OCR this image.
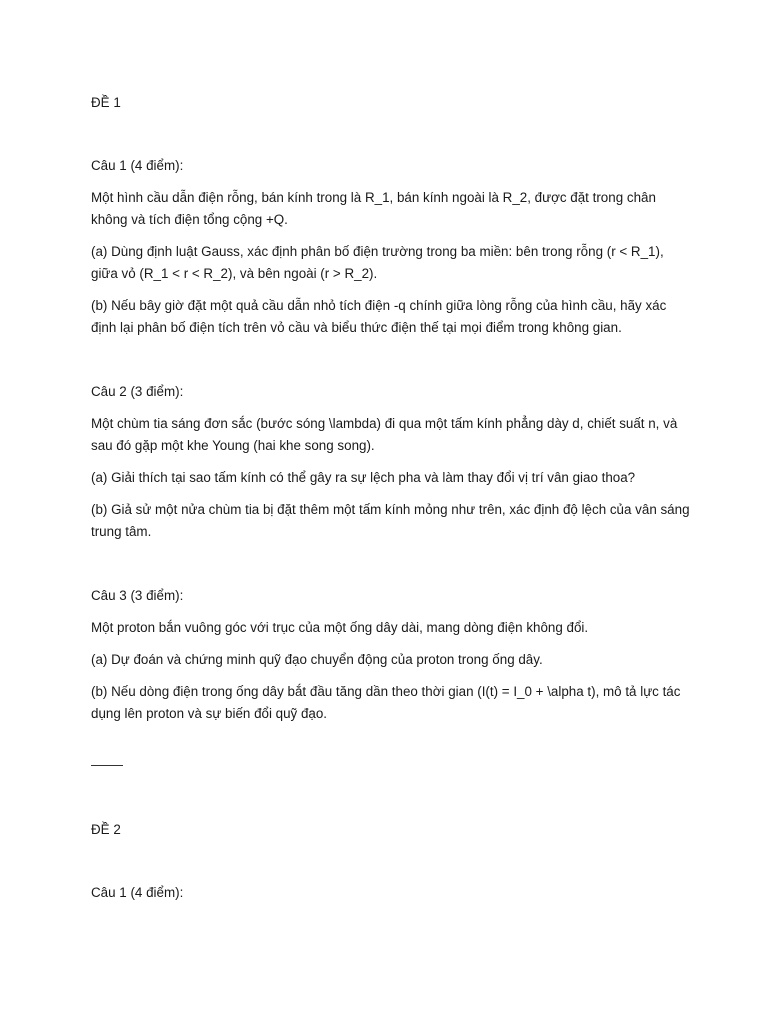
ĐỀ 1

Câu 1 (4 điểm):

Một hình cầu dẫn điện rỗng, bán kính trong là R_1, bán kính ngoài là R_2, được đặt trong chân không và tích điện tổng cộng +Q.

(a) Dùng định luật Gauss, xác định phân bố điện trường trong ba miền: bên trong rỗng (r < R_1), giữa vỏ (R_1 < r < R_2), và bên ngoài (r > R_2).

(b) Nếu bây giờ đặt một quả cầu dẫn nhỏ tích điện -q chính giữa lòng rỗng của hình cầu, hãy xác định lại phân bố điện tích trên vỏ cầu và biểu thức điện thế tại mọi điểm trong không gian.

Câu 2 (3 điểm):

Một chùm tia sáng đơn sắc (bước sóng \lambda) đi qua một tấm kính phẳng dày d, chiết suất n, và sau đó gặp một khe Young (hai khe song song).

(a) Giải thích tại sao tấm kính có thể gây ra sự lệch pha và làm thay đổi vị trí vân giao thoa?

(b) Giả sử một nửa chùm tia bị đặt thêm một tấm kính mỏng như trên, xác định độ lệch của vân sáng trung tâm.

Câu 3 (3 điểm):

Một proton bắn vuông góc với trục của một ống dây dài, mang dòng điện không đổi.

(a) Dự đoán và chứng minh quỹ đạo chuyển động của proton trong ống dây.

(b) Nếu dòng điện trong ống dây bắt đầu tăng dần theo thời gian (I(t) = I_0 + \alpha t), mô tả lực tác dụng lên proton và sự biến đổi quỹ đạo.

ĐỀ 2

Câu 1 (4 điểm):
